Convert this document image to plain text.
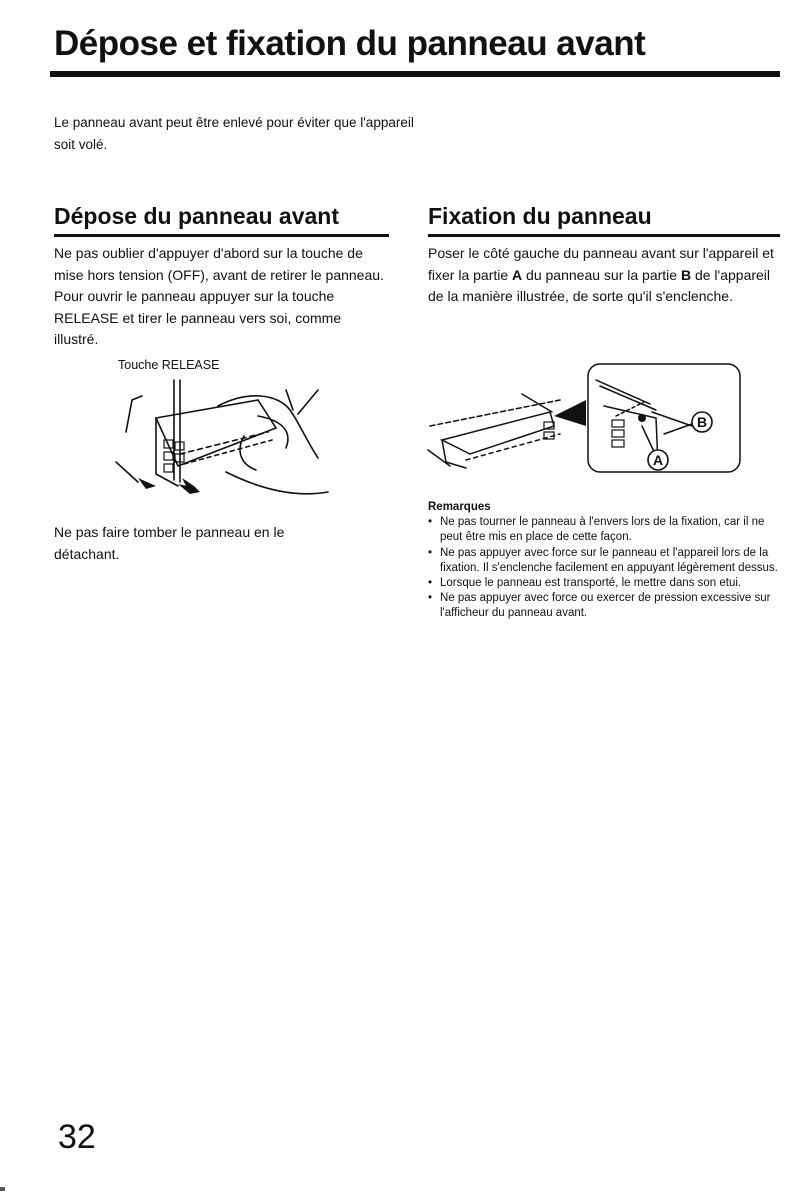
Dépose et fixation du panneau avant
Le panneau avant peut être enlevé pour éviter que l'appareil soit volé.
Dépose du panneau avant
Ne pas oublier d'appuyer d'abord sur la touche de mise hors tension (OFF), avant de retirer le panneau. Pour ouvrir le panneau appuyer sur la touche RELEASE et tirer le panneau vers soi, comme illustré.
Touche RELEASE
Ne pas faire tomber le panneau en le détachant.
Fixation du panneau
Poser le côté gauche du panneau avant sur l'appareil et fixer la partie A du panneau sur la partie B de l'appareil de la manière illustrée, de sorte qu'il s'enclenche.
B
A
Remarques
• Ne pas tourner le panneau à l'envers lors de la fixation, car il ne peut être mis en place de cette façon.
• Ne pas appuyer avec force sur le panneau et l'appareil lors de la fixation. Il s'enclenche facilement en appuyant légèrement dessus.
• Lorsque le panneau est transporté, le mettre dans son etui.
• Ne pas appuyer avec force ou exercer de pression excessive sur l'afficheur du panneau avant.
32
